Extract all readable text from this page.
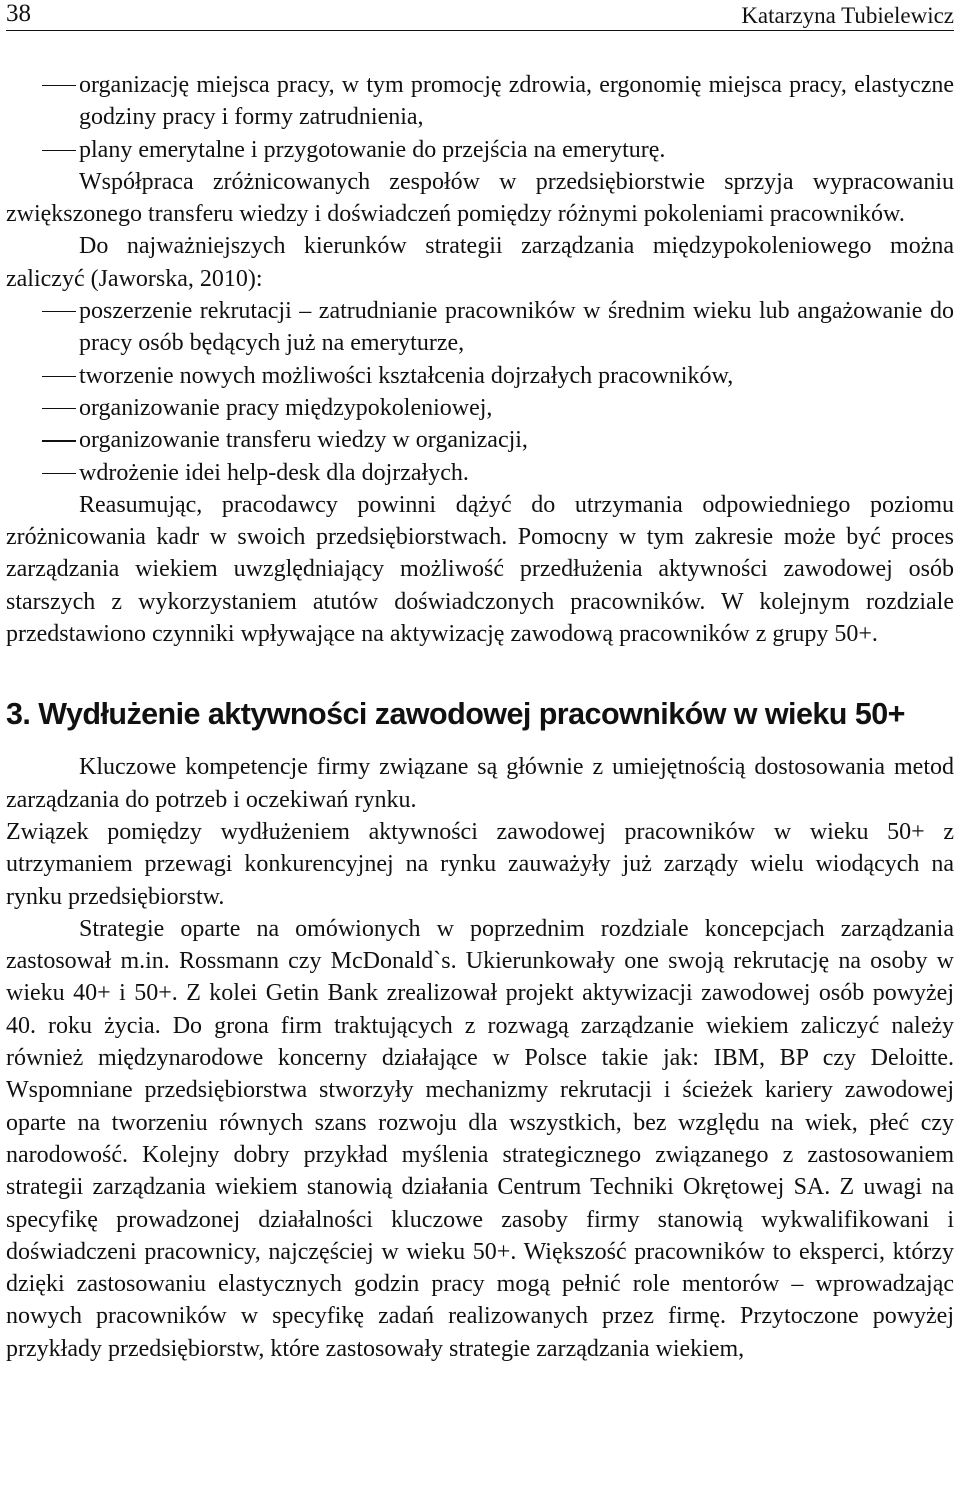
38	Katarzyna Tubielewicz
organizację miejsca pracy, w tym promocję zdrowia, ergonomię miejsca pracy, elastyczne godziny pracy i formy zatrudnienia,
plany emerytalne i przygotowanie do przejścia na emeryturę.

Współpraca zróżnicowanych zespołów w przedsiębiorstwie sprzyja wypracowaniu zwiększonego transferu wiedzy i doświadczeń pomiędzy różnymi pokoleniami pracowników.

Do najważniejszych kierunków strategii zarządzania międzypokoleniowego można zaliczyć (Jaworska, 2010):

poszerzenie rekrutacji – zatrudnianie pracowników w średnim wieku lub angażowanie do pracy osób będących już na emeryturze,
tworzenie nowych możliwości kształcenia dojrzałych pracowników,
organizowanie pracy międzypokoleniowej,
organizowanie transferu wiedzy w organizacji,
wdrożenie idei help-desk dla dojrzałych.

Reasumując, pracodawcy powinni dążyć do utrzymania odpowiedniego poziomu zróżnicowania kadr w swoich przedsiębiorstwach. Pomocny w tym zakresie może być proces zarządzania wiekiem uwzględniający możliwość przedłużenia aktywności zawodowej osób starszych z wykorzystaniem atutów doświadczonych pracowników. W kolejnym rozdziale przedstawiono czynniki wpływające na aktywizację zawodową pracowników z grupy 50+.

3. Wydłużenie aktywności zawodowej pracowników w wieku 50+

Kluczowe kompetencje firmy związane są głównie z umiejętnością dostosowania metod zarządzania do potrzeb i oczekiwań rynku.

Związek pomiędzy wydłużeniem aktywności zawodowej pracowników w wieku 50+ z utrzymaniem przewagi konkurencyjnej na rynku zauważyły już zarządy wielu wiodących na rynku przedsiębiorstw.

Strategie oparte na omówionych w poprzednim rozdziale koncepcjach zarządzania zastosował m.in. Rossmann czy McDonald`s. Ukierunkowały one swoją rekrutację na osoby w wieku 40+ i 50+. Z kolei Getin Bank zrealizował projekt aktywizacji zawodowej osób powyżej 40. roku życia. Do grona firm traktujących z rozwagą zarządzanie wiekiem zaliczyć należy również międzynarodowe koncerny działające w Polsce takie jak: IBM, BP czy Deloitte. Wspomniane przedsiębiorstwa stworzyły mechanizmy rekrutacji i ścieżek kariery zawodowej oparte na tworzeniu równych szans rozwoju dla wszystkich, bez względu na wiek, płeć czy narodowość. Kolejny dobry przykład myślenia strategicznego związanego z zastosowaniem strategii zarządzania wiekiem stanowią działania Centrum Techniki Okrętowej SA. Z uwagi na specyfikę prowadzonej działalności kluczowe zasoby firmy stanowią wykwalifikowani i doświadczeni pracownicy, najczęściej w wieku 50+. Większość pracowników to eksperci, którzy dzięki zastosowaniu elastycznych godzin pracy mogą pełnić role mentorów – wprowadzając nowych pracowników w specyfikę zadań realizowanych przez firmę. Przytoczone powyżej przykłady przedsiębiorstw, które zastosowały strategie zarządzania wiekiem,
